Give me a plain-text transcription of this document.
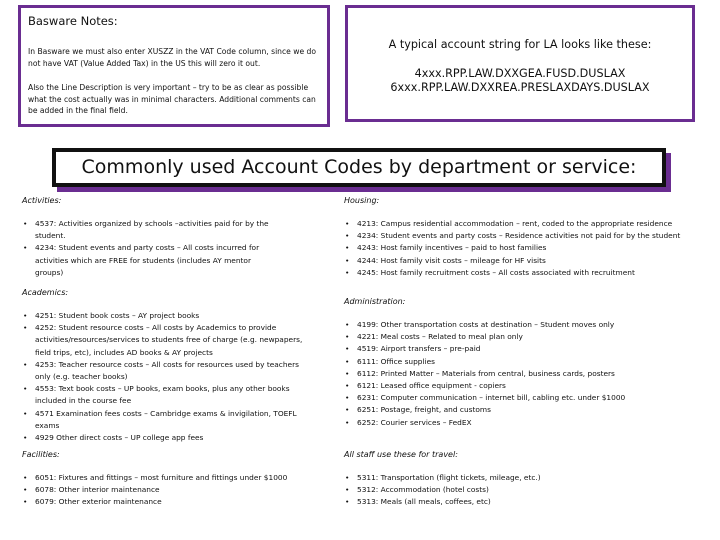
Basware Notes:

In Basware we must also enter XUSZZ in the VAT Code column, since we do not have VAT (Value Added Tax) in the US this will zero it out.

Also the Line Description is very important – try to be as clear as possible what the cost actually was in minimal characters. Additional comments can be added in the final field.

A typical account string for LA looks like these:
4xxx.RPP.LAW.DXXGEA.FUSD.DUSLAX
6xxx.RPP.LAW.DXXREA.PRESLAXDAYS.DUSLAX
Commonly used Account Codes by department or service:
Activities:
• 4537: Activities organized by schools –activities paid for by the student.
• 4234: Student events and party costs – All costs incurred for activities which are FREE for students (includes AY mentor groups)
Academics:
• 4251: Student book costs – AY project books
• 4252: Student resource costs – All costs by Academics to provide activities/resources/services to students free of charge (e.g. newpapers, field trips, etc), includes AD books & AY projects
• 4253: Teacher resource costs – All costs for resources used by teachers only (e.g. teacher books)
• 4553: Text book costs – UP books, exam books, plus any other books included in the course fee
• 4571 Examination fees costs – Cambridge exams & invigilation, TOEFL exams
• 4929 Other direct costs – UP college app fees
Facilities:
• 6051: Fixtures and fittings – most furniture and fittings under $1000
• 6078: Other interior maintenance
• 6079: Other exterior maintenance
Housing:
• 4213: Campus residential accommodation – rent, coded to the appropriate residence
• 4234: Student events and party costs – Residence activities not paid for by the student
• 4243: Host family incentives – paid to host families
• 4244: Host family visit costs – mileage for HF visits
• 4245: Host family recruitment costs – All costs associated with recruitment
Administration:
• 4199: Other transportation costs at destination – Student moves only
• 4221: Meal costs – Related to meal plan only
• 4519: Airport transfers – pre-paid
• 6111: Office supplies
• 6112: Printed Matter – Materials from central, business cards, posters
• 6121: Leased office equipment - copiers
• 6231: Computer communication – internet bill, cabling etc. under $1000
• 6251: Postage, freight, and customs
• 6252: Courier services – FedEX
All staff use these for travel:
• 5311: Transportation (flight tickets, mileage, etc.)
• 5312: Accommodation (hotel costs)
• 5313: Meals (all meals, coffees, etc)
